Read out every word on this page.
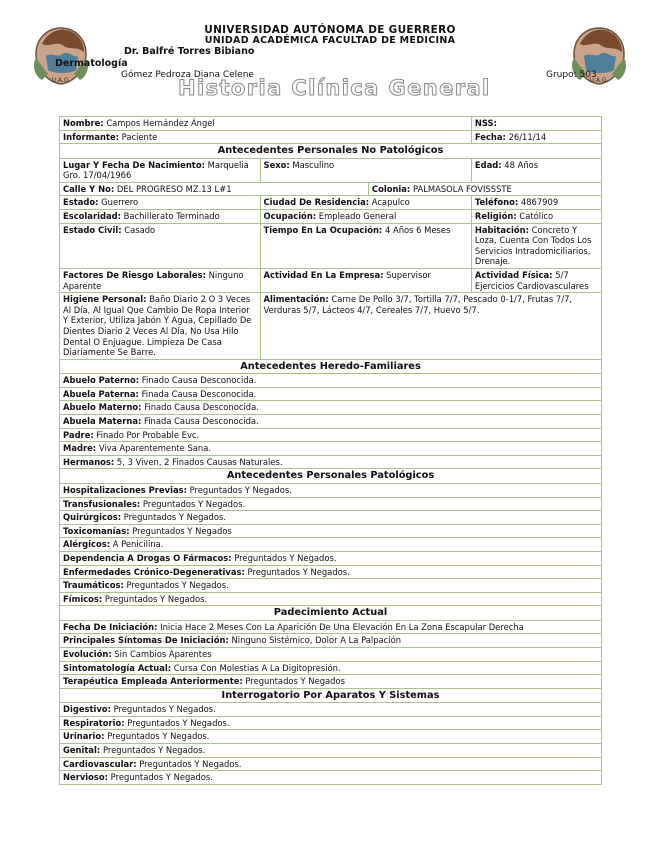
U.A.G.	U.A.G.
UNIVERSIDAD AUTÓNOMA DE GUERRERO
UNIDAD ACADÉMICA FACULTAD DE MEDICINA
Dr. Balfré Torres Bibiano
Dermatología
Gómez Pedroza Diana Celene	Grupo: 503
Historia Clínica General
Nombre: Campos Hernández Ángel			NSS:
Informante: Paciente			Fecha: 26/11/14
Antecedentes Personales No Patológicos			
Lugar Y Fecha De Nacimiento: Marquelia Gro. 17/04/1966	Sexo: Masculino		Edad: 48 Años
Calle Y No: DEL PROGRESO MZ.13 L#1		Colonia: PALMASOLA FOVISSSTE	
Estado: Guerrero	Ciudad De Residencia: Acapulco		Teléfono: 4867909
Escolaridad: Bachillerato Terminado	Ocupación: Empleado General		Religión: Católico
Estado Civil: Casado	Tiempo En La Ocupación: 4 Años 6 Meses		Habitación: Concreto Y Loza, Cuenta Con Todos Los Servicios Intradomiciliarios, Drenaje.
Factores De Riesgo Laborales: Ninguno Aparente	Actividad En La Empresa: Supervisor		Actividad Física: 5/7 Ejercicios Cardiovasculares
Higiene Personal: Baño Diario 2 O 3 Veces Al Día, Al Igual Que Cambio De Ropa Interior Y Exterior, Utiliza Jabón Y Agua, Cepillado De Dientes Diario 2 Veces Al Día, No Usa Hilo Dental O Enjuague. Limpieza De Casa Diariamente Se Barre.	Alimentación: Carne De Pollo 3/7, Tortilla 7/7, Pescado 0-1/7, Frutas 7/7, Verduras 5/7, Lácteos 4/7, Cereales 7/7, Huevo 5/7.		
Antecedentes Heredo-Familiares			
Abuelo Paterno: Finado Causa Desconocida.			
Abuela Paterna: Finada Causa Desconocida.			
Abuelo Materno: Finado Causa Desconocida.			
Abuela Materna: Finada Causa Desconocida.			
Padre: Finado Por Probable Evc.			
Madre: Viva Aparentemente Sana.			
Hermanos: 5, 3 Viven, 2 Finados Causas Naturales.			
Antecedentes Personales Patológicos			
Hospitalizaciones Previas: Preguntados Y Negados.			
Transfusionales: Preguntados Y Negados.			
Quirúrgicos: Preguntados Y Negados.			
Toxicomanías: Preguntados Y Negados			
Alérgicos: A Penicilina.			
Dependencia A Drogas O Fármacos: Preguntados Y Negados.			
Enfermedades Crónico-Degenerativas: Preguntados Y Negados.			
Traumáticos: Preguntados Y Negados.			
Fímicos: Preguntados Y Negados.			
Padecimiento Actual			
Fecha De Iniciación: Inicia Hace 2 Meses Con La Aparición De Una Elevación En La Zona Escapular Derecha			
Principales Síntomas De Iniciación: Ninguno Sistémico, Dolor A La Palpación			
Evolución: Sin Cambios Aparentes			
Sintomatología Actual: Cursa Con Molestias A La Digitopresión.			
Terapéutica Empleada Anteriormente: Preguntados Y Negados			
Interrogatorio Por Aparatos Y Sistemas			
Digestivo: Preguntados Y Negados.			
Respiratorio: Preguntados Y Negados.			
Urinario: Preguntados Y Negados.			
Genital: Preguntados Y Negados.			
Cardiovascular: Preguntados Y Negados.			
Nervioso: Preguntados Y Negados.			
